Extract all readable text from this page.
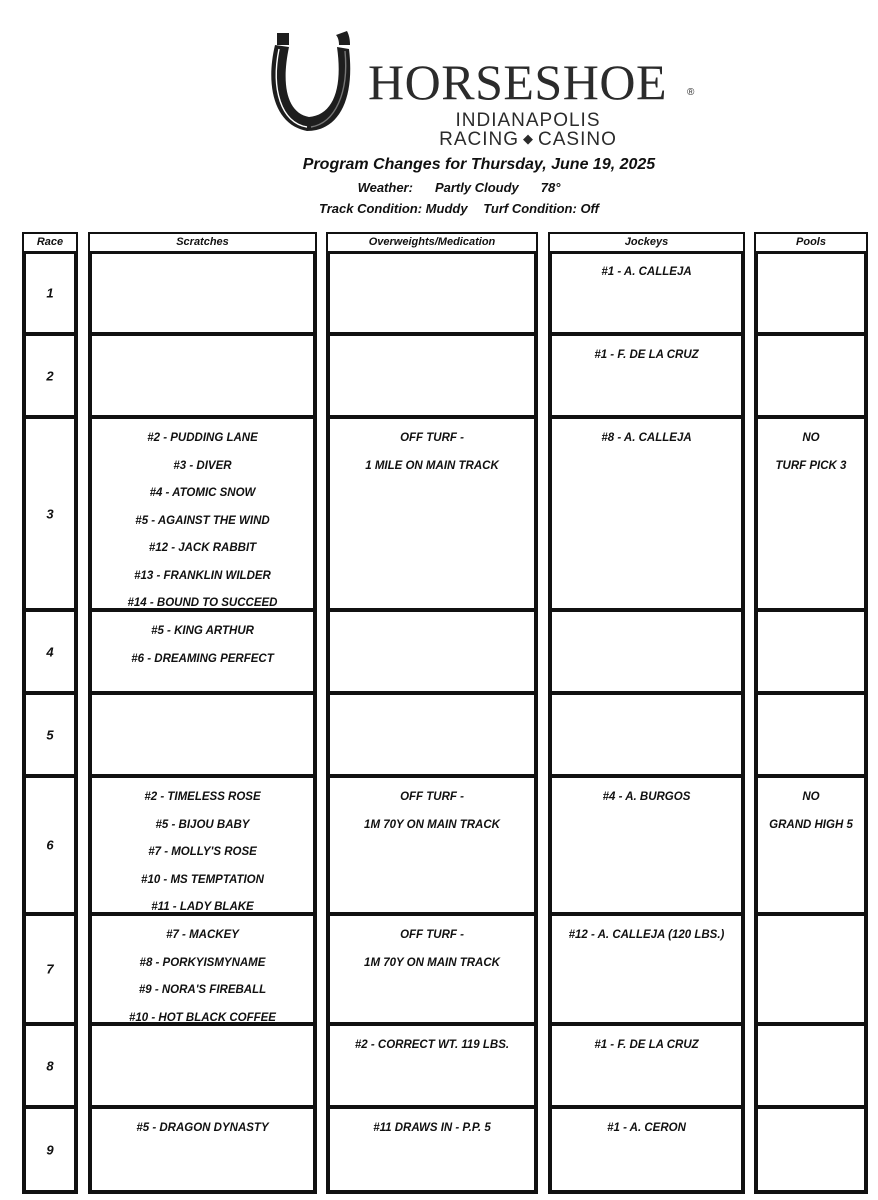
HORSESHOE ®
INDIANAPOLIS
RACING ◆ CASINO
Program Changes for Thursday, June 19, 2025
Weather: Partly Cloudy 78°
Track Condition: Muddy Turf Condition: Off
Race
1
2
3
4
5
6
7
8
9
Scratches
#2 - PUDDING LANE
#3 - DIVER
#4 - ATOMIC SNOW
#5 - AGAINST THE WIND
#12 - JACK RABBIT
#13 - FRANKLIN WILDER
#14 - BOUND TO SUCCEED
#5 - KING ARTHUR
#6 - DREAMING PERFECT
#2 - TIMELESS ROSE
#5 - BIJOU BABY
#7 - MOLLY'S ROSE
#10 - MS TEMPTATION
#11 - LADY BLAKE
#7 - MACKEY
#8 - PORKYISMYNAME
#9 - NORA'S FIREBALL
#10 - HOT BLACK COFFEE
#5 - DRAGON DYNASTY
Overweights/Medication
OFF TURF -
1 MILE ON MAIN TRACK
OFF TURF -
1M 70Y ON MAIN TRACK
OFF TURF -
1M 70Y ON MAIN TRACK
#2 - CORRECT WT. 119 LBS.
#11 DRAWS IN - P.P. 5
Jockeys
#1 - A. CALLEJA
#1 - F. DE LA CRUZ
#8 - A. CALLEJA
#4 - A. BURGOS
#12 - A. CALLEJA (120 LBS.)
#1 - F. DE LA CRUZ
#1 - A. CERON
Pools
NO
TURF PICK 3
NO
GRAND HIGH 5
